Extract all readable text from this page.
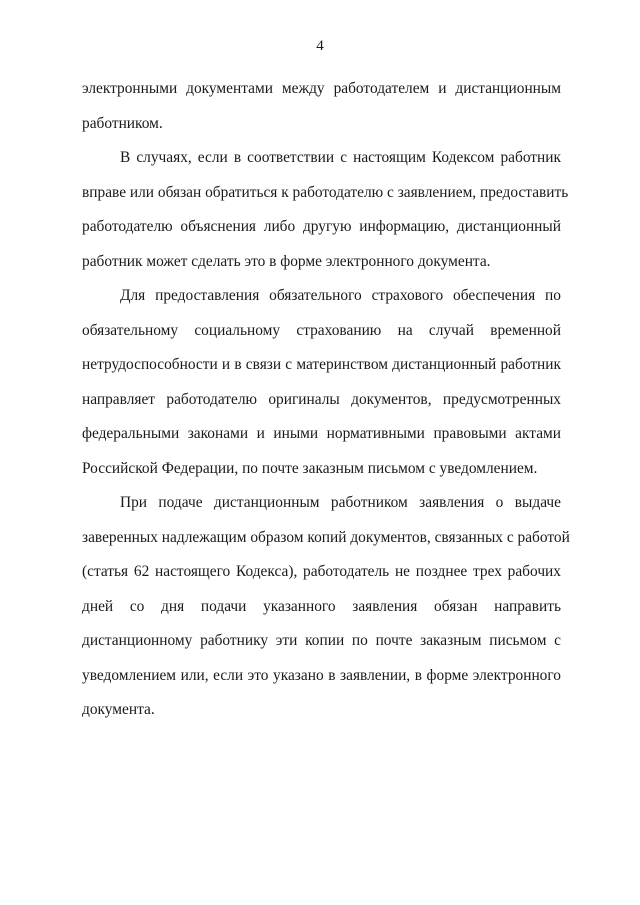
4
электронными документами между работодателем и дистанционным
работником.
В случаях, если в соответствии с настоящим Кодексом работник
вправе или обязан обратиться к работодателю с заявлением, предоставить
работодателю объяснения либо другую информацию, дистанционный
работник может сделать это в форме электронного документа.
Для предоставления обязательного страхового обеспечения по
обязательному социальному страхованию на случай временной
нетрудоспособности и в связи с материнством дистанционный работник
направляет работодателю оригиналы документов, предусмотренных
федеральными законами и иными нормативными правовыми актами
Российской Федерации, по почте заказным письмом с уведомлением.
При подаче дистанционным работником заявления о выдаче
заверенных надлежащим образом копий документов, связанных с работой
(статья 62 настоящего Кодекса), работодатель не позднее трех рабочих
дней со дня подачи указанного заявления обязан направить
дистанционному работнику эти копии по почте заказным письмом с
уведомлением или, если это указано в заявлении, в форме электронного
документа.
